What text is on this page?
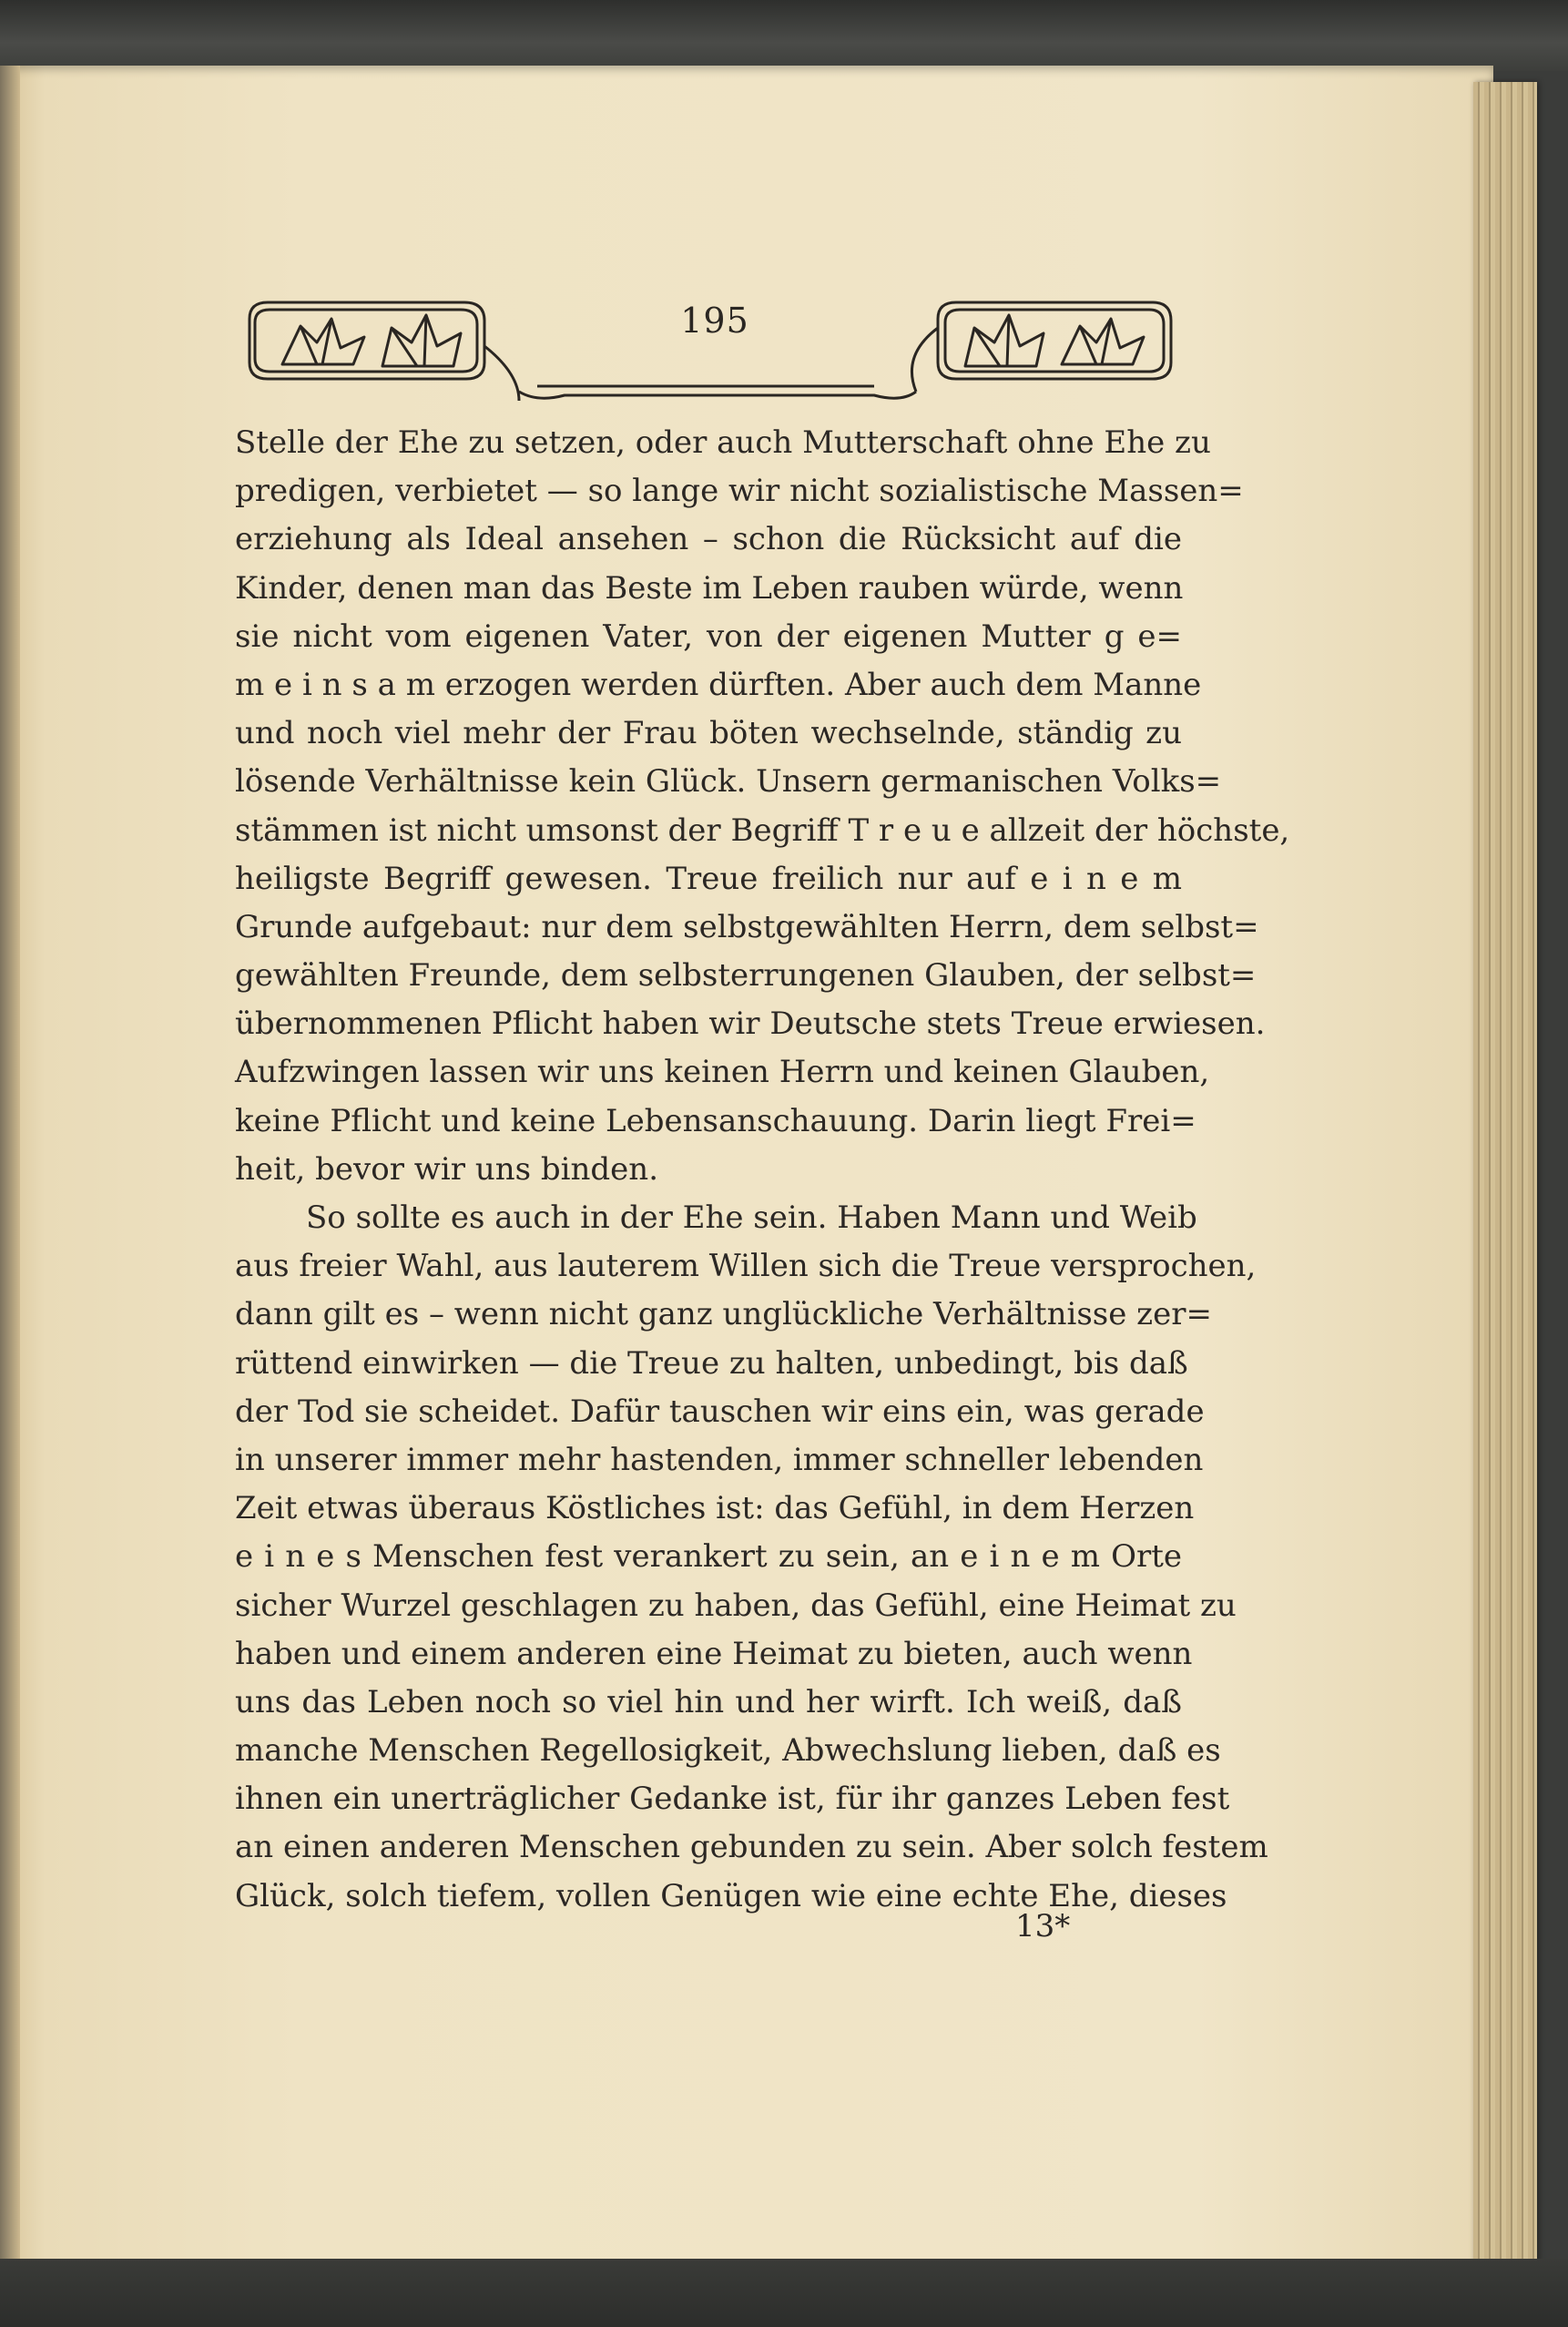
195
Stelle der Ehe zu setzen, oder auch Mutterschaft ohne Ehe zu
predigen, verbietet — so lange wir nicht sozialistische Massen=
erziehung als Ideal ansehen – schon die Rücksicht auf die
Kinder, denen man das Beste im Leben rauben würde, wenn
sie nicht vom eigenen Vater, von der eigenen Mutter g e=
m e i n s a m erzogen werden dürften. Aber auch dem Manne
und noch viel mehr der Frau böten wechselnde, ständig zu
lösende Verhältnisse kein Glück. Unsern germanischen Volks=
stämmen ist nicht umsonst der Begriff T r e u e allzeit der höchste,
heiligste Begriff gewesen. Treue freilich nur auf e i n e m
Grunde aufgebaut: nur dem selbstgewählten Herrn, dem selbst=
gewählten Freunde, dem selbsterrungenen Glauben, der selbst=
übernommenen Pflicht haben wir Deutsche stets Treue erwiesen.
Aufzwingen lassen wir uns keinen Herrn und keinen Glauben,
keine Pflicht und keine Lebensanschauung. Darin liegt Frei=
heit, bevor wir uns binden.
So sollte es auch in der Ehe sein. Haben Mann und Weib
aus freier Wahl, aus lauterem Willen sich die Treue versprochen,
dann gilt es – wenn nicht ganz unglückliche Verhältnisse zer=
rüttend einwirken — die Treue zu halten, unbedingt, bis daß
der Tod sie scheidet. Dafür tauschen wir eins ein, was gerade
in unserer immer mehr hastenden, immer schneller lebenden
Zeit etwas überaus Köstliches ist: das Gefühl, in dem Herzen
e i n e s Menschen fest verankert zu sein, an e i n e m Orte
sicher Wurzel geschlagen zu haben, das Gefühl, eine Heimat zu
haben und einem anderen eine Heimat zu bieten, auch wenn
uns das Leben noch so viel hin und her wirft. Ich weiß, daß
manche Menschen Regellosigkeit, Abwechslung lieben, daß es
ihnen ein unerträglicher Gedanke ist, für ihr ganzes Leben fest
an einen anderen Menschen gebunden zu sein. Aber solch festem
Glück, solch tiefem, vollen Genügen wie eine echte Ehe, dieses
13*
